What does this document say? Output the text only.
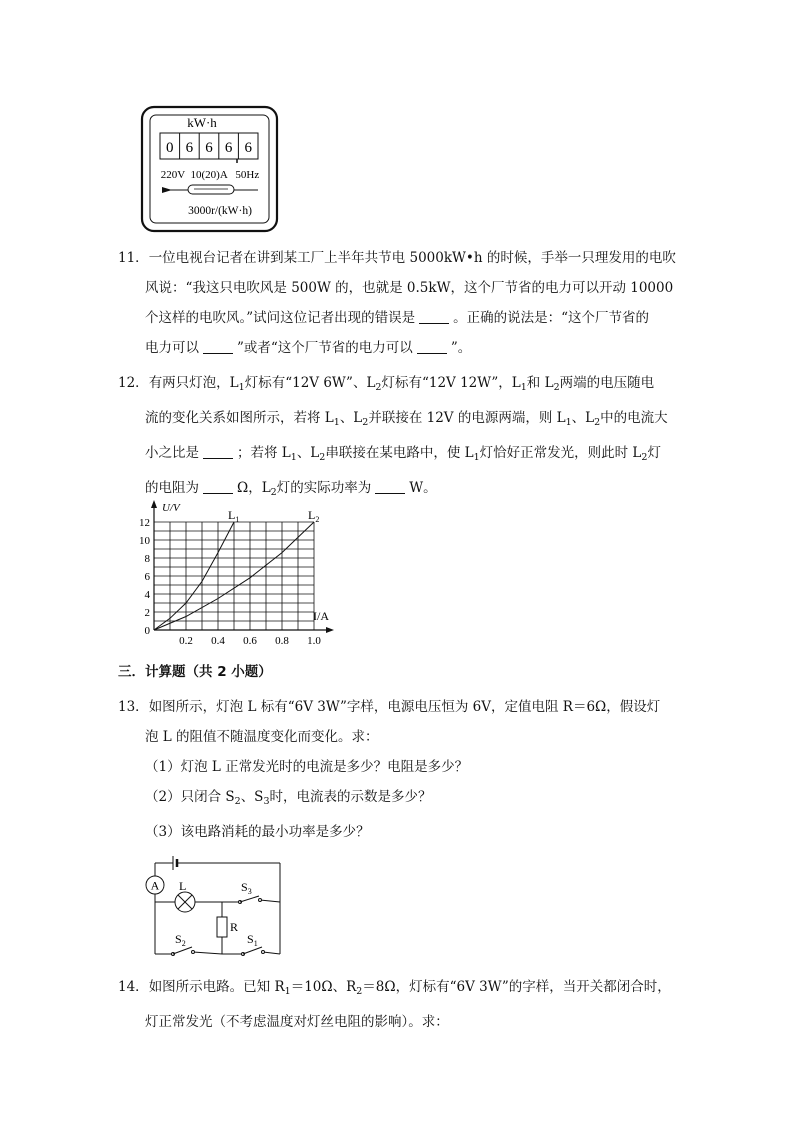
kW·h
0 6 6 6 6
220V  10(20)A   50Hz
3000r/(kW·h)
11．一位电视台记者在讲到某工厂上半年共节电 5000kW•h 的时候，手举一只理发用的电吹
风说：“我这只电吹风是 500W 的，也就是 0.5kW，这个厂节省的电力可以开动 10000
个这样的电吹风。”试问这位记者出现的错误是	。正确的说法是：“这个厂节省的
电力可以	”或者“这个厂节省的电力可以	”。
12．有两只灯泡，$L_1$灯标有“12V 6W”、$L_2$灯标有“12V 12W”，$L_1$和 $L_2$两端的电压随电
流的变化关系如图所示，若将 $L_1$、$L_2$并联接在 12V 的电源两端，则 $L_1$、$L_2$中的电流大
小之比是	；若将 $L_1$、$L_2$串联接在某电路中，使 $L_1$灯恰好正常发光，则此时 $L_2$灯
的电阻为	Ω，$L_2$灯的实际功率为	W。
U/V
I/A
0.2 0.4 0.6 0.8 1.0
0
2
4
6
8
10
12
$L_1$	$L_2$
三．计算题（共 2 小题）
13．如图所示，灯泡 L 标有“6V 3W”字样，电源电压恒为 6V，定值电阻 R＝6Ω，假设灯
泡 L 的阻值不随温度变化而变化。求：
（1）灯泡 L 正常发光时的电流是多少？电阻是多少？
（2）只闭合 $S_2$、$S_3$时，电流表的示数是多少？
（3）该电路消耗的最小功率是多少？
A L
R
$S_3$
$S_2$	$S_1$
14．如图所示电路。已知 $R_1=10\Omega$、$R_2=8\Omega$，灯标有“6V 3W”的字样，当开关都闭合时，
灯正常发光（不考虑温度对灯丝电阻的影响）。求：
